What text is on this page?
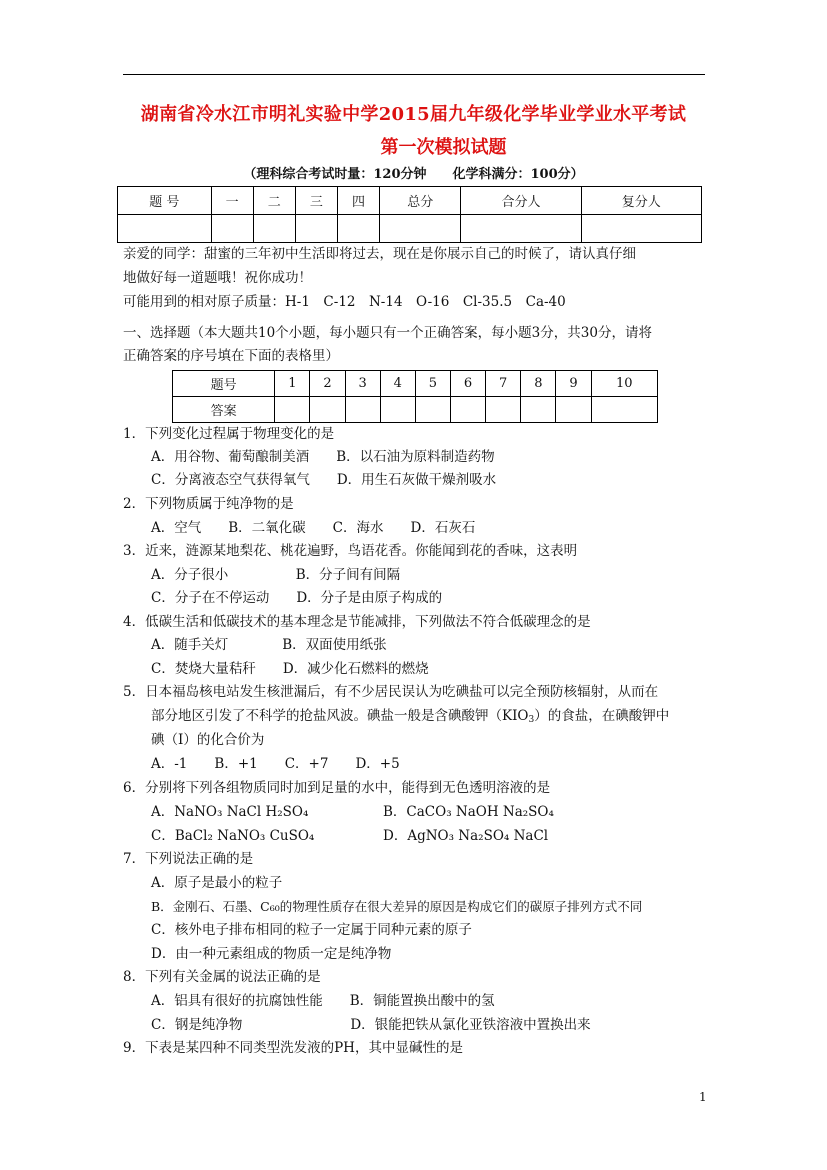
湖南省冷水江市明礼实验中学2015届九年级化学毕业学业水平考试
第一次模拟试题
（理科综合考试时量：120分钟　　化学科满分：100分）
题 号	一	二	三	四	总分	合分人	复分人

亲爱的同学：甜蜜的三年初中生活即将过去，现在是你展示自己的时候了，请认真仔细
地做好每一道题哦！祝你成功！
可能用到的相对原子质量：H-1　C-12　N-14　O-16　Cl-35.5　Ca-40
一、选择题（本大题共10个小题，每小题只有一个正确答案，每小题3分，共30分，请将
正确答案的序号填在下面的表格里）
题号	1	2	3	4	5	6	7	8	9	10
答案										
1．下列变化过程属于物理变化的是
A．用谷物、葡萄酿制美酒　　B．以石油为原料制造药物
C．分离液态空气获得氧气　　D．用生石灰做干燥剂吸水
2．下列物质属于纯净物的是
A．空气　　B．二氧化碳　　C．海水　　D．石灰石
3．近来，涟源某地梨花、桃花遍野，鸟语花香。你能闻到花的香味，这表明
A．分子很小　　　　　B．分子间有间隔
C．分子在不停运动　　D．分子是由原子构成的
4．低碳生活和低碳技术的基本理念是节能减排，下列做法不符合低碳理念的是
A．随手关灯　　　　B．双面使用纸张
C．焚烧大量秸秆　　D．减少化石燃料的燃烧
5．日本福岛核电站发生核泄漏后，有不少居民误认为吃碘盐可以完全预防核辐射，从而在
部分地区引发了不科学的抢盐风波。碘盐一般是含碘酸钾$(KIO_3)$的食盐，在碘酸钾中
碘（I）的化合价为
A．-1　　B．+1　　C．+7　　D．+5
6．分别将下列各组物质同时加到足量的水中，能得到无色透明溶液的是
A．NaNO₃ NaCl H₂SO₄	B．CaCO₃ NaOH Na₂SO₄
C．BaCl₂ NaNO₃ CuSO₄	D．AgNO₃ Na₂SO₄ NaCl
7．下列说法正确的是
A．原子是最小的粒子
B．金刚石、石墨、C₆₀的物理性质存在很大差异的原因是构成它们的碳原子排列方式不同
C．核外电子排布相同的粒子一定属于同种元素的原子
D．由一种元素组成的物质一定是纯净物
8．下列有关金属的说法正确的是
A．铝具有很好的抗腐蚀性能　　B．铜能置换出酸中的氢
C．钢是纯净物　　　　　　　　D．银能把铁从氯化亚铁溶液中置换出来
9．下表是某四种不同类型洗发液的PH，其中显碱性的是
1
